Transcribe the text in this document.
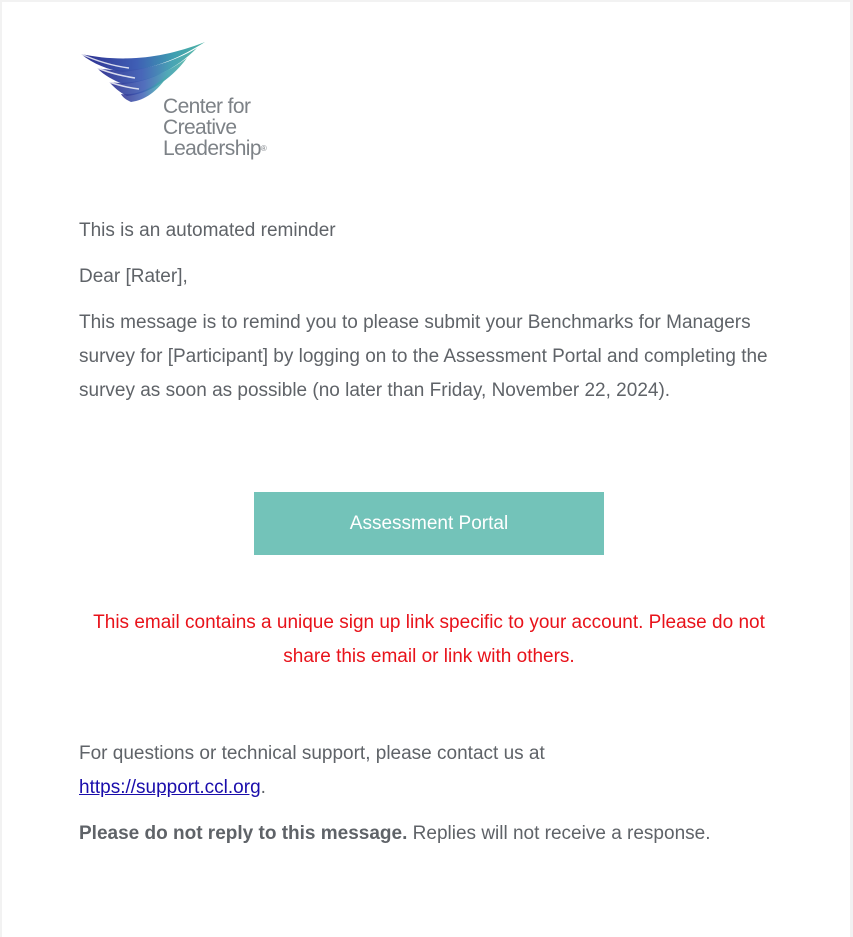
Center for
Creative
Leadership®

This is an automated reminder

Dear [Rater],

This message is to remind you to please submit your Benchmarks for Managers survey for [Participant] by logging on to the Assessment Portal and completing the survey as soon as possible (no later than Friday, November 22, 2024).

Assessment Portal

This email contains a unique sign up link specific to your account. Please do not share this email or link with others.

For questions or technical support, please contact us at
https://support.ccl.org.

Please do not reply to this message. Replies will not receive a response.
